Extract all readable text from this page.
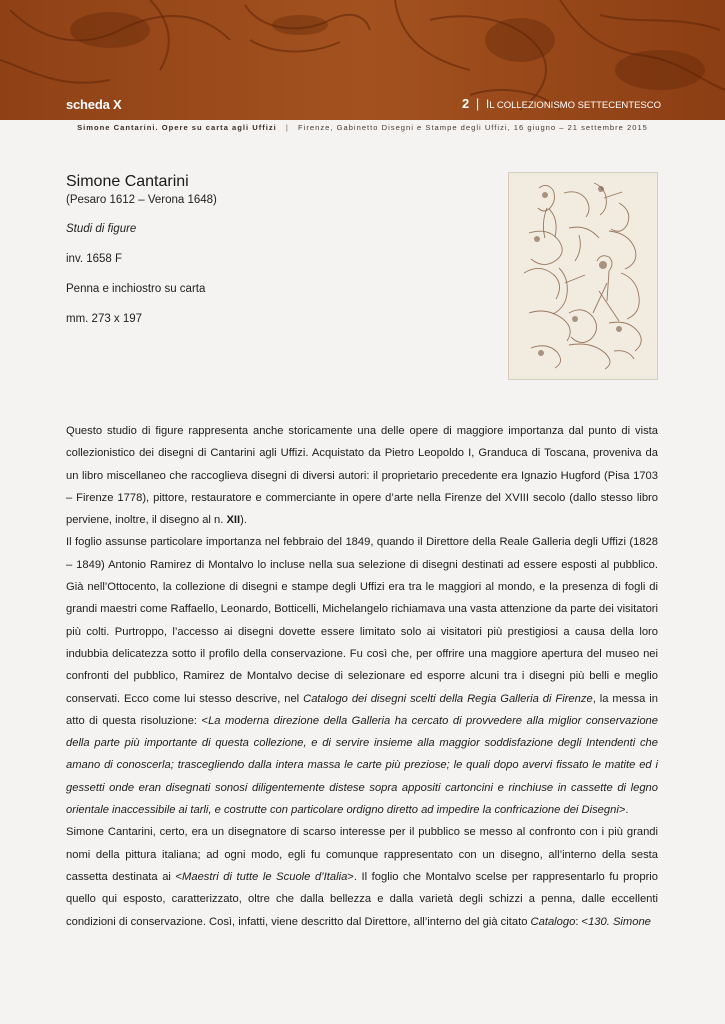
scheda X	2 | IL COLLEZIONISMO SETTECENTESCO
Simone Cantarini. Opere su carta agli Uffizi | Firenze, Gabinetto Disegni e Stampe degli Uffizi, 16 giugno – 21 settembre 2015
Simone Cantarini
(Pesaro 1612 – Verona 1648)
Studi di figure
inv. 1658 F
Penna e inchiostro su carta
mm. 273 x 197

Questo studio di figure rappresenta anche storicamente una delle opere di maggiore importanza dal punto di vista collezionistico dei disegni di Cantarini agli Uffizi. Acquistato da Pietro Leopoldo I, Granduca di Toscana, proveniva da un libro miscellaneo che raccoglieva disegni di diversi autori: il proprietario precedente era Ignazio Hugford (Pisa 1703 – Firenze 1778), pittore, restauratore e commerciante in opere d’arte nella Firenze del XVIII secolo (dallo stesso libro perviene, inoltre, il disegno al n. XII).

Il foglio assunse particolare importanza nel febbraio del 1849, quando il Direttore della Reale Galleria degli Uffizi (1828 – 1849) Antonio Ramirez di Montalvo lo incluse nella sua selezione di disegni destinati ad essere esposti al pubblico. Già nell’Ottocento, la collezione di disegni e stampe degli Uffizi era tra le maggiori al mondo, e la presenza di fogli di grandi maestri come Raffaello, Leonardo, Botticelli, Michelangelo richiamava una vasta attenzione da parte dei visitatori più colti. Purtroppo, l’accesso ai disegni dovette essere limitato solo ai visitatori più prestigiosi a causa della loro indubbia delicatezza sotto il profilo della conservazione. Fu così che, per offrire una maggiore apertura del museo nei confronti del pubblico, Ramirez de Montalvo decise di selezionare ed esporre alcuni tra i disegni più belli e meglio conservati. Ecco come lui stesso descrive, nel Catalogo dei disegni scelti della Regia Galleria di Firenze, la messa in atto di questa risoluzione: <La moderna direzione della Galleria ha cercato di provvedere alla miglior conservazione della parte più importante di questa collezione, e di servire insieme alla maggior soddisfazione degli Intendenti che amano di conoscerla; trascegliendo dalla intera massa le carte più preziose; le quali dopo avervi fissato le matite ed i gessetti onde eran disegnati sonosi diligentemente distese sopra appositi cartoncini e rinchiuse in cassette di legno orientale inaccessibile ai tarli, e costrutte con particolare ordigno diretto ad impedire la confricazione dei Disegni>.

Simone Cantarini, certo, era un disegnatore di scarso interesse per il pubblico se messo al confronto con i più grandi nomi della pittura italiana; ad ogni modo, egli fu comunque rappresentato con un disegno, all’interno della sesta cassetta destinata ai <Maestri di tutte le Scuole d’Italia>. Il foglio che Montalvo scelse per rappresentarlo fu proprio quello qui esposto, caratterizzato, oltre che dalla bellezza e dalla varietà degli schizzi a penna, dalle eccellenti condizioni di conservazione. Così, infatti, viene descritto dal Direttore, all’interno del già citato Catalogo: <130. Simone
